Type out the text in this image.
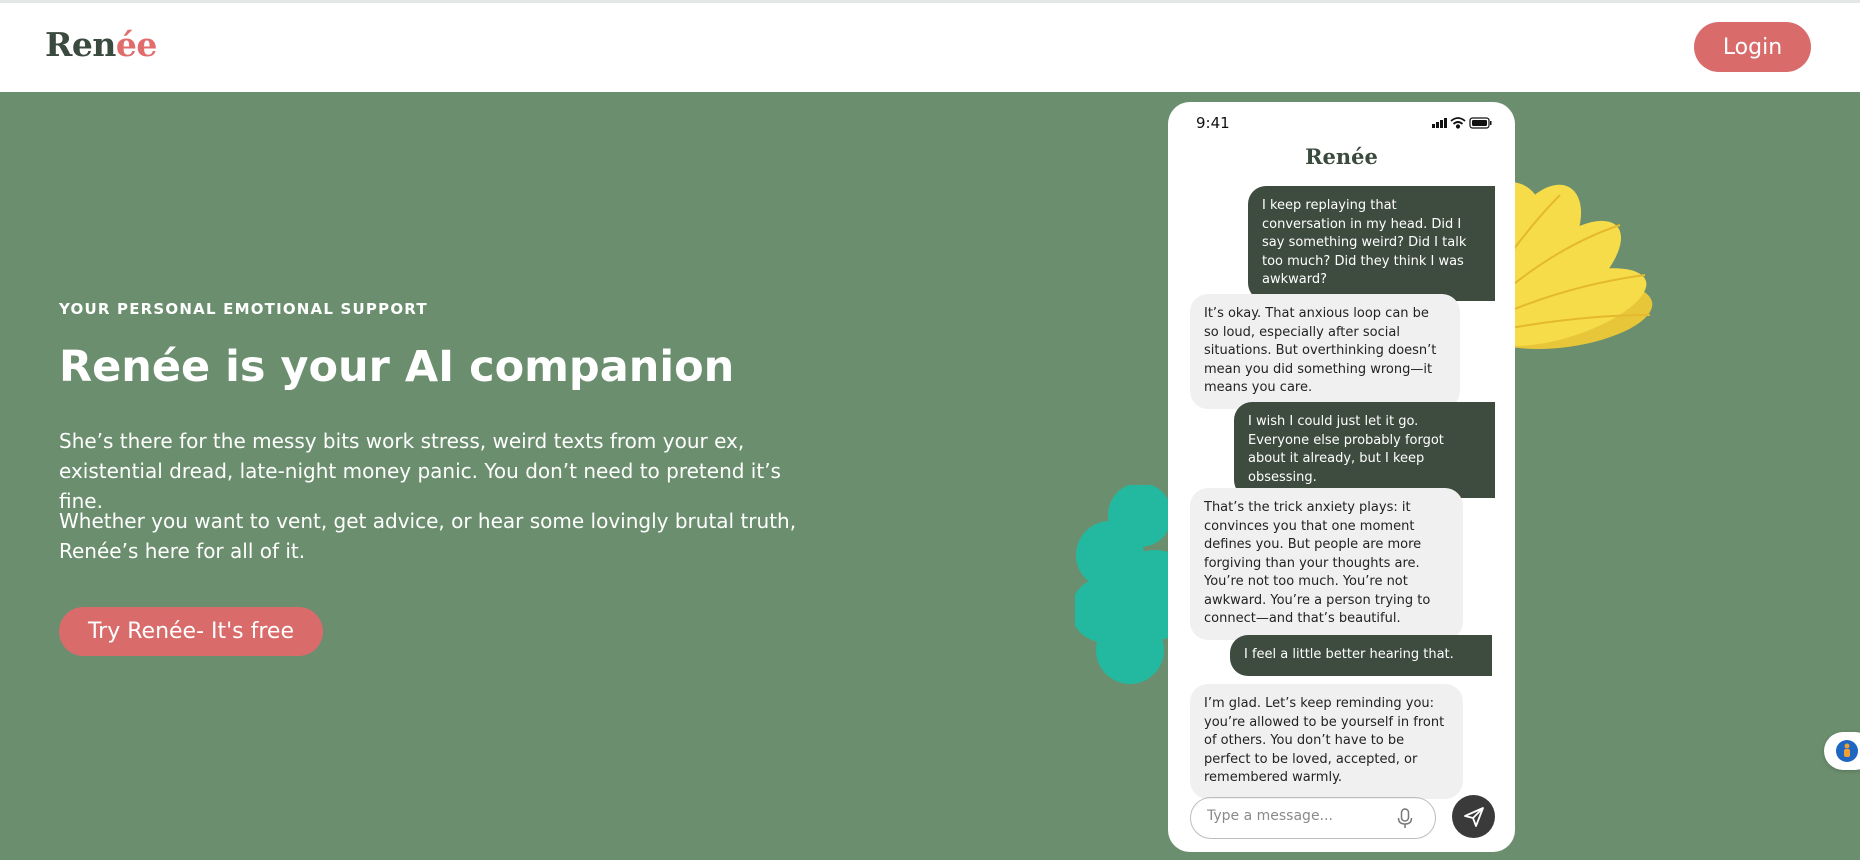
Renée	Login
YOUR PERSONAL EMOTIONAL SUPPORT
Renée is your AI companion

She’s there for the messy bits work stress, weird texts from your ex, existential dread, late-night money panic. You don’t need to pretend it’s fine.

Whether you want to vent, get advice, or hear some lovingly brutal truth, Renée’s here for all of it.

Try Renée- It's free
9:41
Renée
I keep replaying that conversation in my head. Did I say something weird? Did I talk too much? Did they think I was awkward?
It’s okay. That anxious loop can be so loud, especially after social situations. But overthinking doesn’t mean you did something wrong—it means you care.
I wish I could just let it go. Everyone else probably forgot about it already, but I keep obsessing.
That’s the trick anxiety plays: it convinces you that one moment defines you. But people are more forgiving than your thoughts are. You’re not too much. You’re not awkward. You’re a person trying to connect—and that’s beautiful.
I feel a little better hearing that.
I’m glad. Let’s keep reminding you: you’re allowed to be yourself in front of others. You don’t have to be perfect to be loved, accepted, or remembered warmly.
Type a message...
